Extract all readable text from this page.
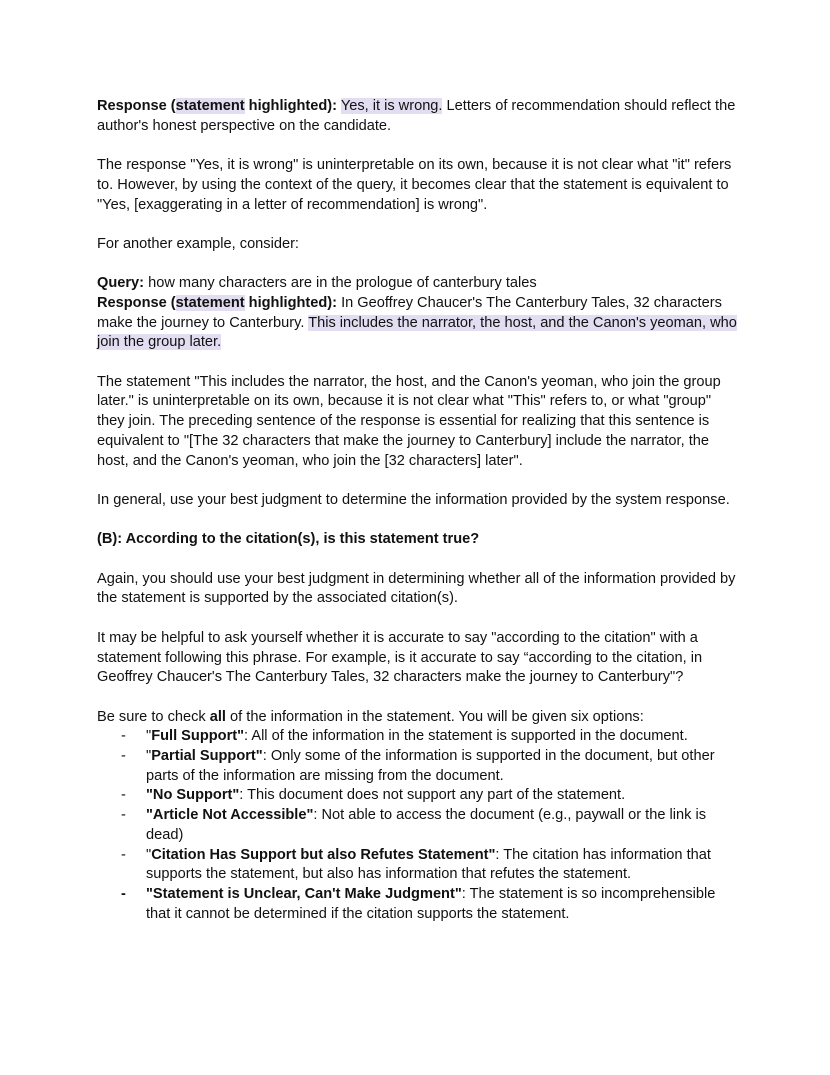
Response (statement highlighted): Yes, it is wrong. Letters of recommendation should reflect the author's honest perspective on the candidate.

The response "Yes, it is wrong" is uninterpretable on its own, because it is not clear what "it" refers to. However, by using the context of the query, it becomes clear that the statement is equivalent to "Yes, [exaggerating in a letter of recommendation] is wrong".

For another example, consider:

Query: how many characters are in the prologue of canterbury tales

Response (statement highlighted): In Geoffrey Chaucer's The Canterbury Tales, 32 characters make the journey to Canterbury. This includes the narrator, the host, and the Canon's yeoman, who join the group later.

The statement "This includes the narrator, the host, and the Canon's yeoman, who join the group later." is uninterpretable on its own, because it is not clear what "This" refers to, or what "group" they join. The preceding sentence of the response is essential for realizing that this sentence is equivalent to "[The 32 characters that make the journey to Canterbury] include the narrator, the host, and the Canon's yeoman, who join the [32 characters] later".

In general, use your best judgment to determine the information provided by the system response.

(B): According to the citation(s), is this statement true?

Again, you should use your best judgment in determining whether all of the information provided by the statement is supported by the associated citation(s).

It may be helpful to ask yourself whether it is accurate to say "according to the citation" with a statement following this phrase. For example, is it accurate to say “according to the citation, in Geoffrey Chaucer's The Canterbury Tales, 32 characters make the journey to Canterbury"?

Be sure to check all of the information in the statement. You will be given six options:

- "Full Support": All of the information in the statement is supported in the document.
- "Partial Support": Only some of the information is supported in the document, but other parts of the information are missing from the document.
- "No Support": This document does not support any part of the statement.
- "Article Not Accessible": Not able to access the document (e.g., paywall or the link is dead)
- "Citation Has Support but also Refutes Statement": The citation has information that supports the statement, but also has information that refutes the statement.
- "Statement is Unclear, Can't Make Judgment": The statement is so incomprehensible that it cannot be determined if the citation supports the statement.
